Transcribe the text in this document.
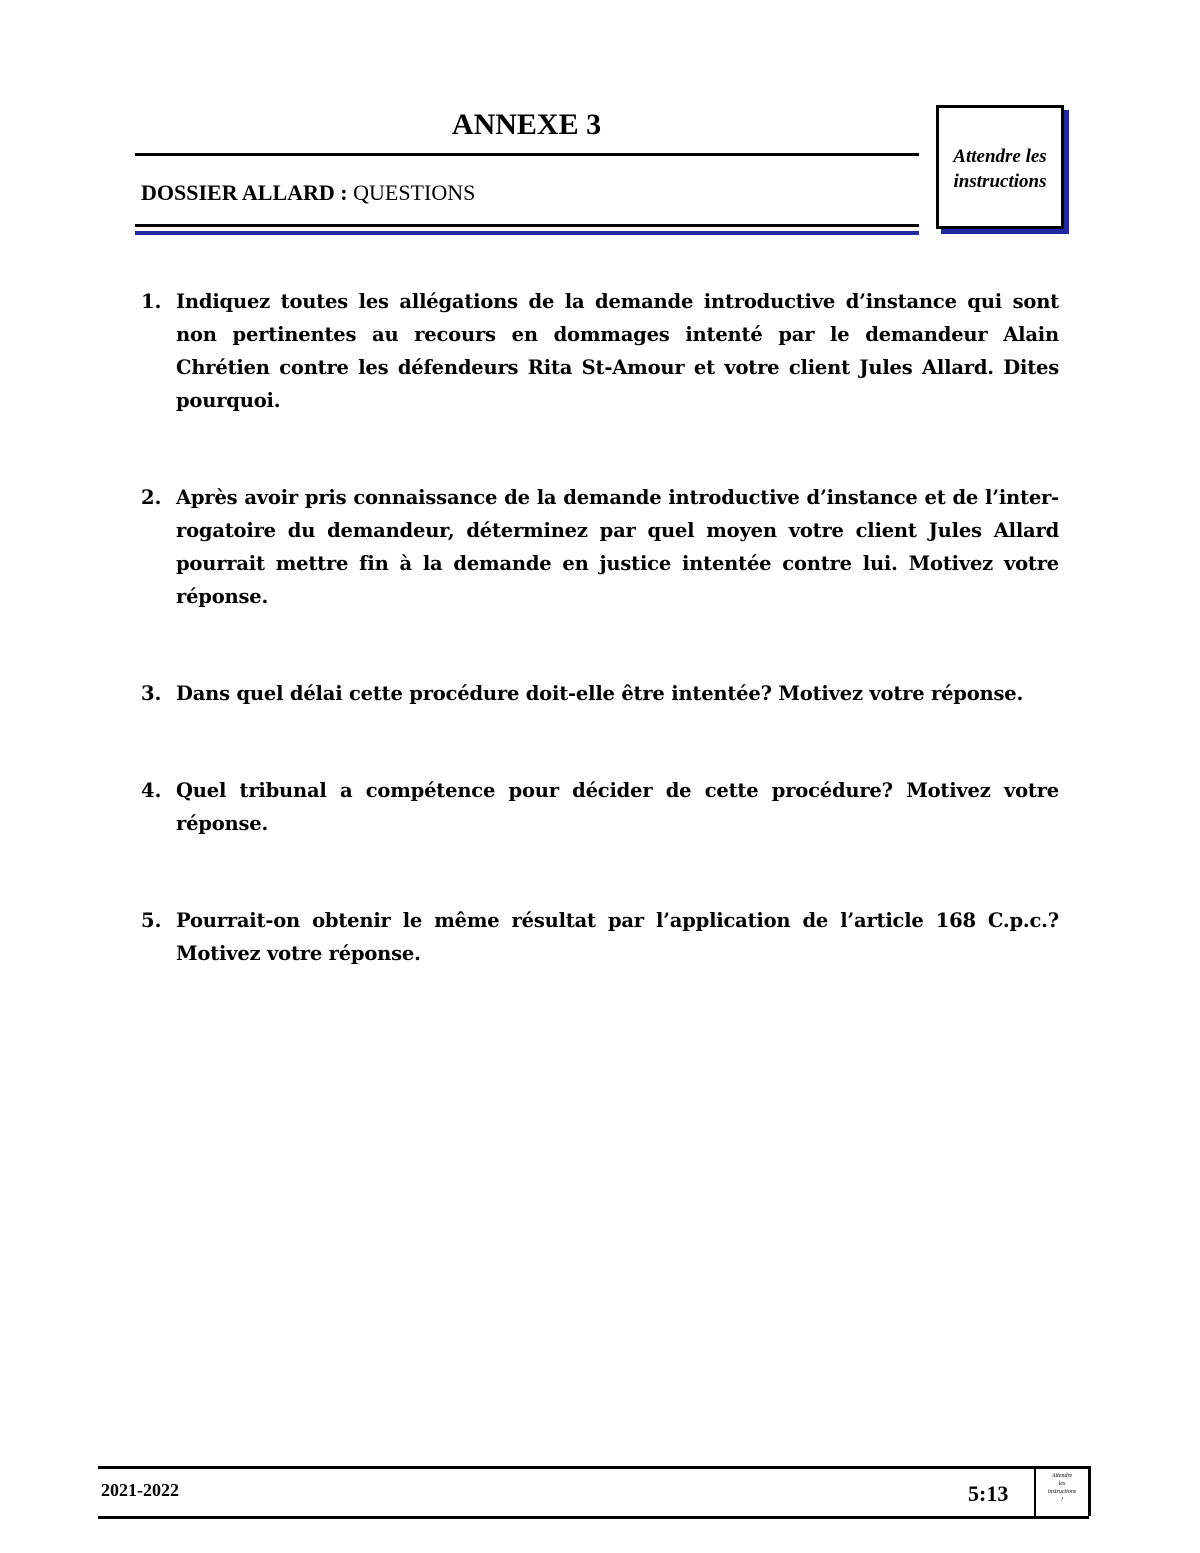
ANNEXE 3
DOSSIER ALLARD : QUESTIONS
Attendre les
instructions
1. Indiquez toutes les allégations de la demande introductive d’instance qui sont non pertinentes au recours en dommages intenté par le demandeur Alain Chrétien contre les défendeurs Rita St-Amour et votre client Jules Allard. Dites pourquoi.
2. Après avoir pris connaissance de la demande introductive d’instance et de l’inter-rogatoire du demandeur, déterminez par quel moyen votre client Jules Allard pourrait mettre fin à la demande en justice intentée contre lui. Motivez votre réponse.
3. Dans quel délai cette procédure doit-elle être intentée? Motivez votre réponse.
4. Quel tribunal a compétence pour décider de cette procédure? Motivez votre réponse.
5. Pourrait-on obtenir le même résultat par l’application de l’article 168 C.p.c.? Motivez votre réponse.
2021-2022	5:13
Attendre
les
instructions
!
